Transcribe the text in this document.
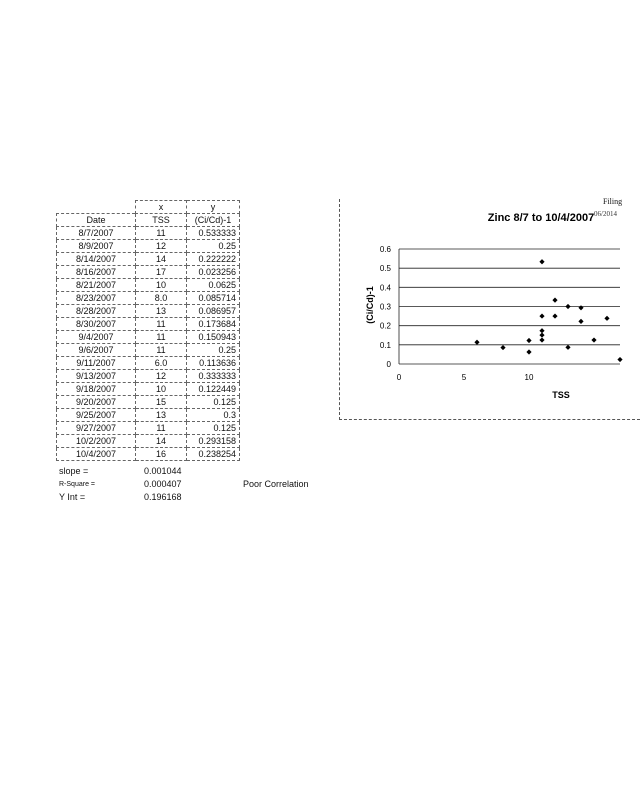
	x	y
Date	TSS	(Ci/Cd)-1
8/7/2007	11	0.533333
8/9/2007	12	0.25
8/14/2007	14	0.222222
8/16/2007	17	0.023256
8/21/2007	10	0.0625
8/23/2007	8.0	0.085714
8/28/2007	13	0.086957
8/30/2007	11	0.173684
9/4/2007	11	0.150943
9/6/2007	11	0.25
9/11/2007	6.0	0.113636
9/13/2007	12	0.333333
9/18/2007	10	0.122449
9/20/2007	15	0.125
9/25/2007	13	0.3
9/27/2007	11	0.125
10/2/2007	14	0.293158
10/4/2007	16	0.238254
slope =	0.001044
R-Square =	0.000407
Y Int =	0.196168
Poor Correlation
Zinc 8/7 to 10/4/2007
TSS
(Ci/Cd)-1
0
0.1
0.2
0.3
0.4
0.5
0.6
0	5	10
Filing
06/2014
